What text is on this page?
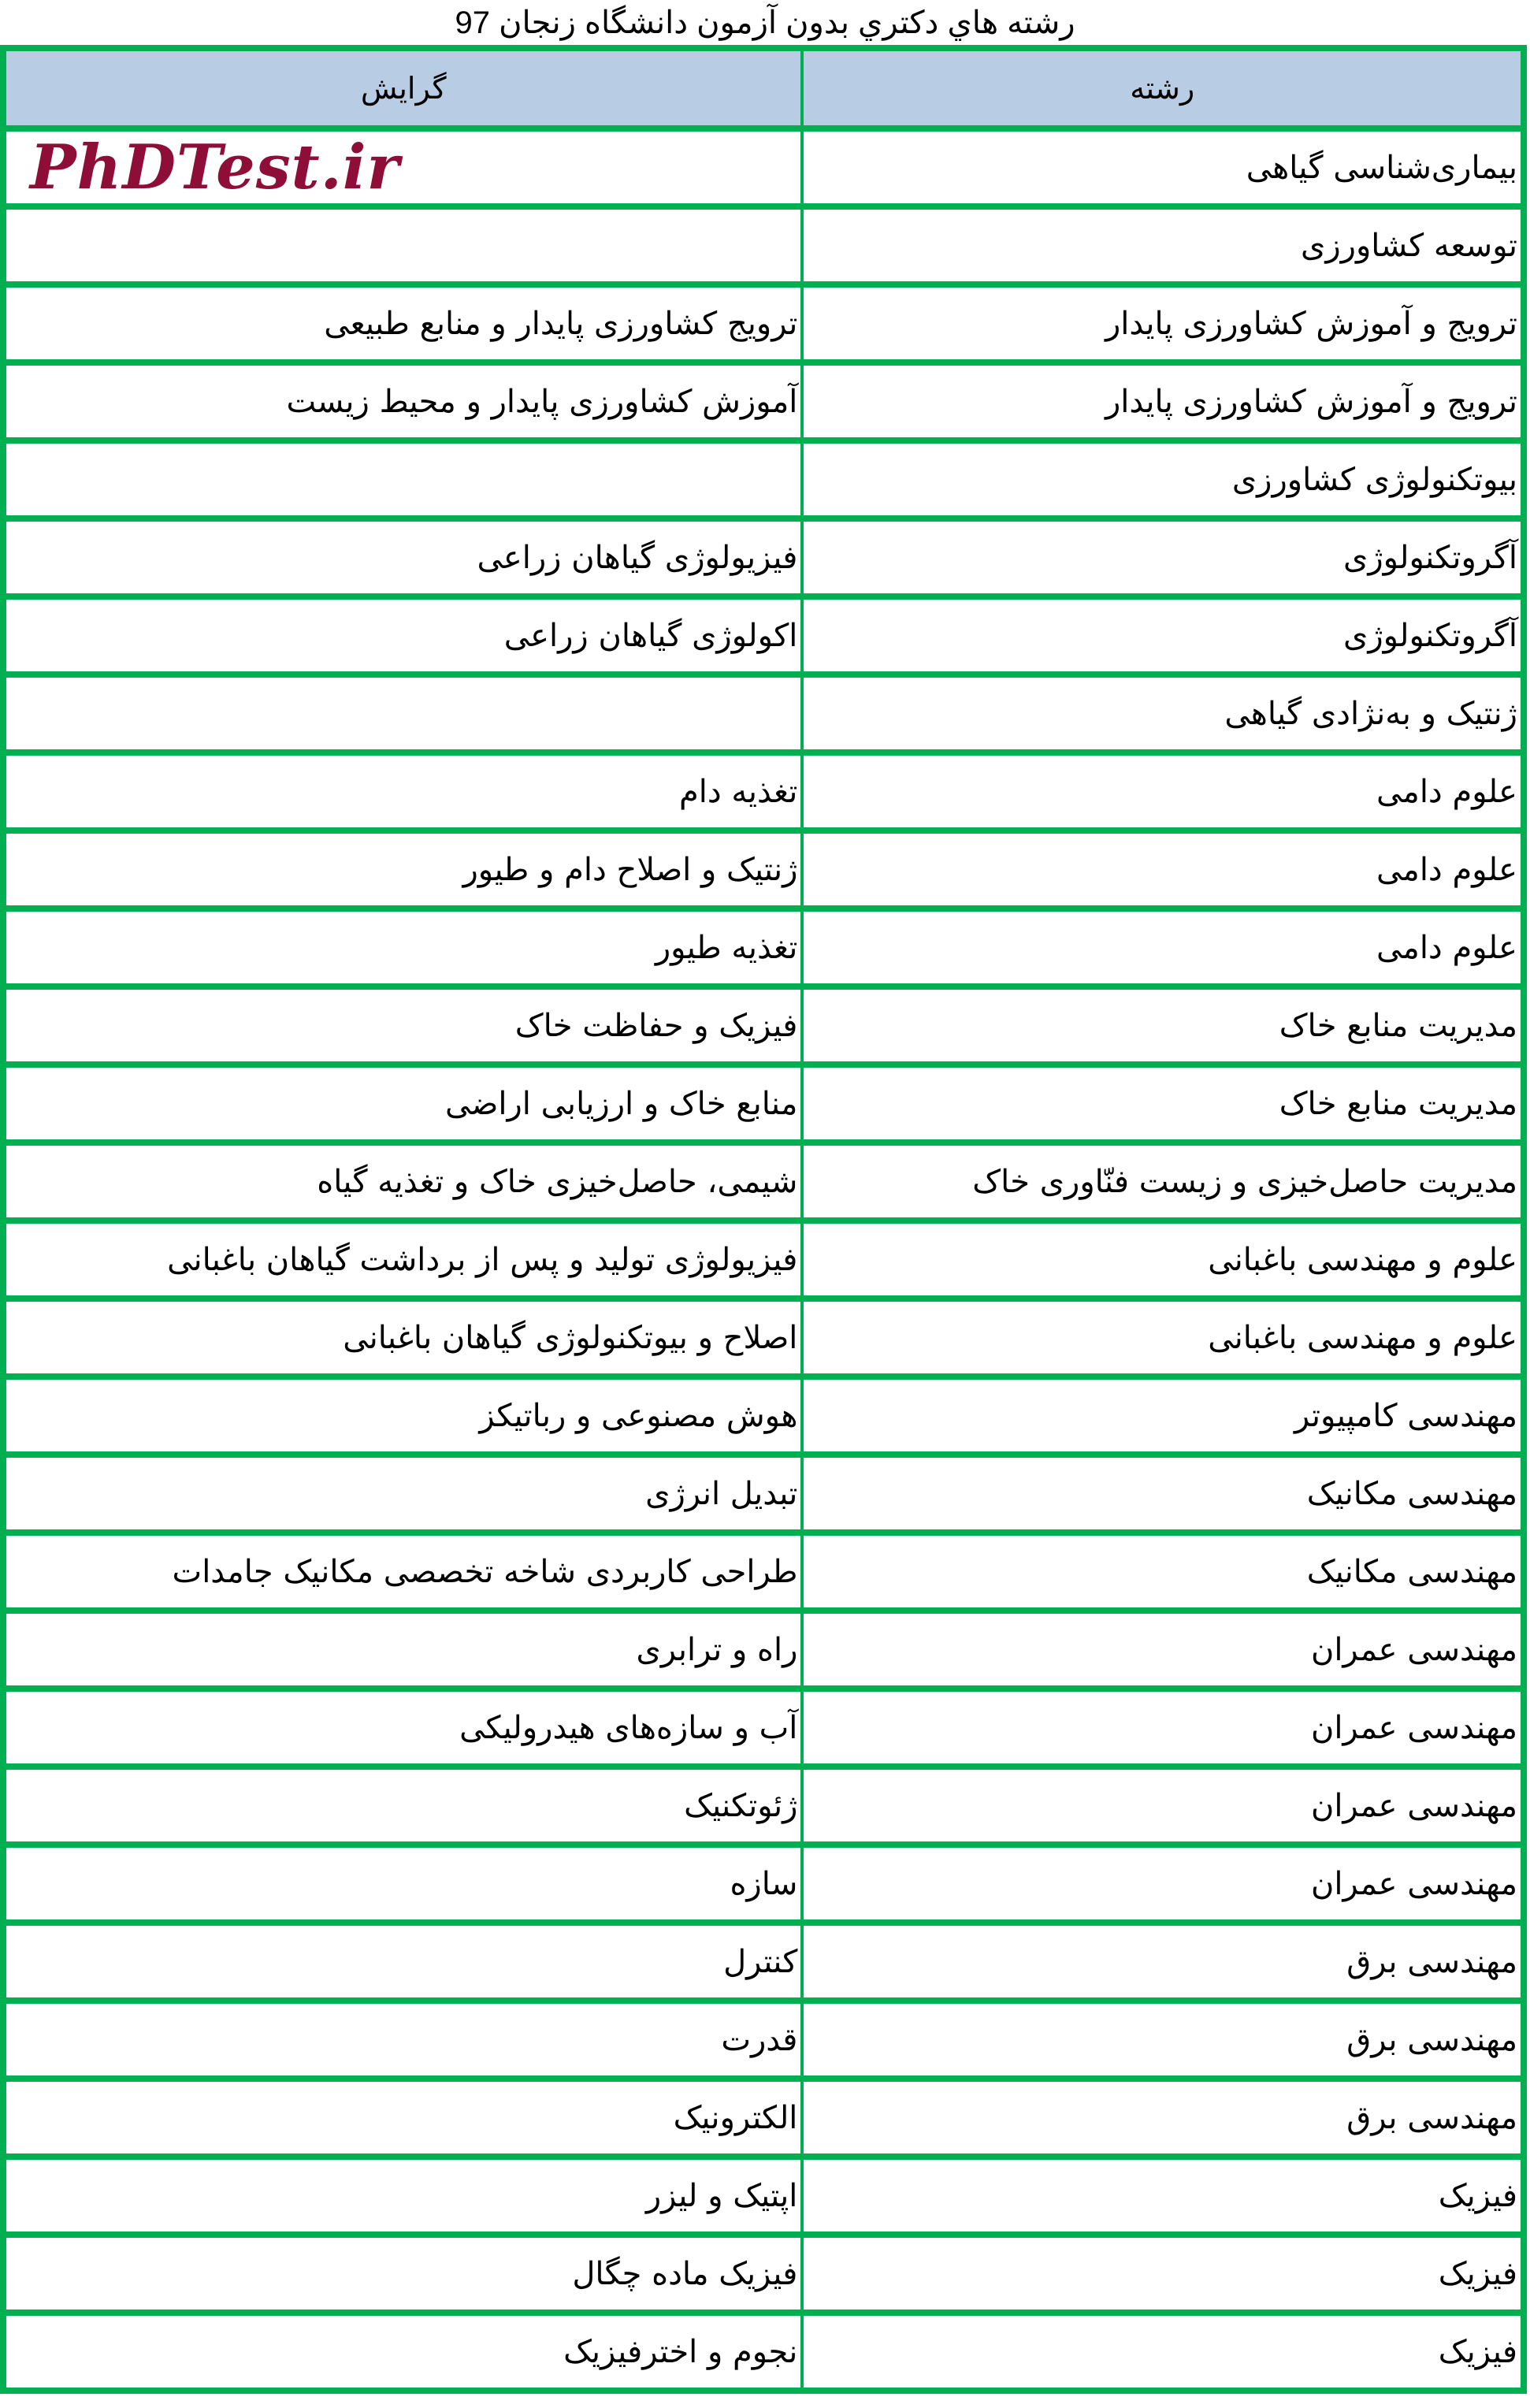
رشته هاي دكتري بدون آزمون دانشگاه زنجان 97
رشته	گرایش
بیماری‌شناسی گیاهی	PhDTest.ir

توسعه کشاورزی	
ترویج و آموزش کشاورزی پایدار	ترویج کشاورزی پایدار و منابع طبیعی
ترویج و آموزش کشاورزی پایدار	آموزش کشاورزی پایدار و محیط زیست
بیوتکنولوژی کشاورزی	
آگروتکنولوژی	فیزیولوژی گیاهان زراعی
آگروتکنولوژی	اکولوژی گیاهان زراعی
ژنتیک و به‌نژادی گیاهی	
علوم دامی	تغذیه دام
علوم دامی	ژنتیک و اصلاح دام و طیور
علوم دامی	تغذیه طیور
مدیریت منابع خاک	فیزیک و حفاظت خاک
مدیریت منابع خاک	منابع خاک و ارزیابی اراضی
مدیریت حاصل‌خیزی و زیست فنّاوری خاک	شیمی، حاصل‌خیزی خاک و تغذیه گیاه
علوم و مهندسی باغبانی	فیزیولوژی تولید و پس از برداشت گیاهان باغبانی
علوم و مهندسی باغبانی	اصلاح و بیوتکنولوژی گیاهان باغبانی
مهندسی کامپیوتر	هوش مصنوعی و رباتیکز
مهندسی مکانیک	تبدیل انرژی
مهندسی مکانیک	طراحی کاربردی شاخه تخصصی مکانیک جامدات
مهندسی عمران	راه و ترابری
مهندسی عمران	آب و سازه‌های هیدرولیکی
مهندسی عمران	ژئوتکنیک
مهندسی عمران	سازه
مهندسی برق	کنترل
مهندسی برق	قدرت
مهندسی برق	الکترونیک
فیزیک	اپتیک و لیزر
فیزیک	فیزیک ماده چگال
فیزیک	نجوم و اخترفیزیک
